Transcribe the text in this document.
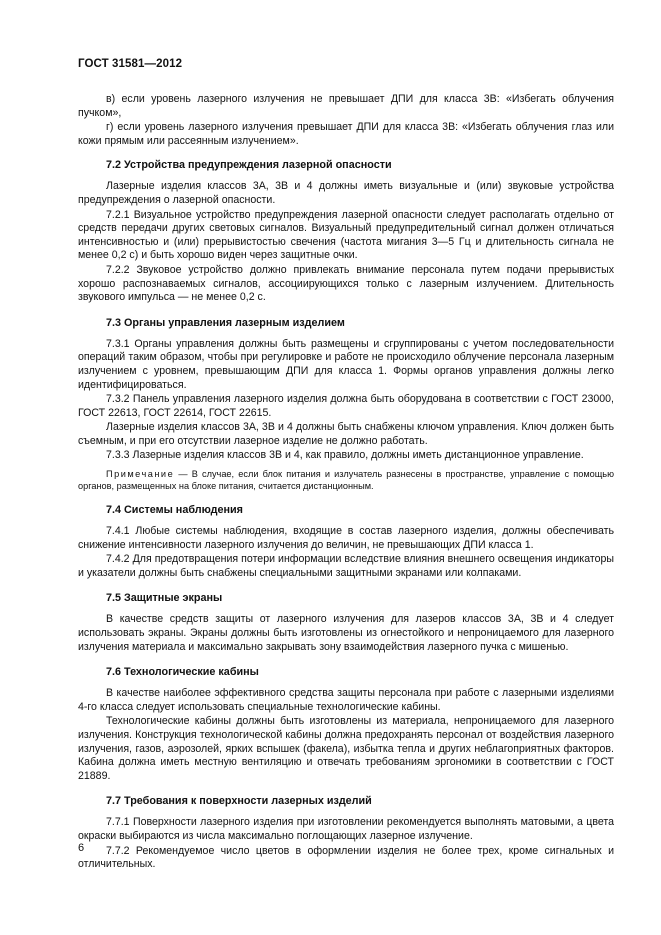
ГОСТ 31581—2012

в) если уровень лазерного излучения не превышает ДПИ для класса 3В: «Избегать облучения пучком»,

г) если уровень лазерного излучения превышает ДПИ для класса 3В: «Избегать облучения глаз или кожи прямым или рассеянным излучением».

7.2 Устройства предупреждения лазерной опасности

Лазерные изделия классов 3А, 3В и 4 должны иметь визуальные и (или) звуковые устройства предупреждения о лазерной опасности.

7.2.1 Визуальное устройство предупреждения лазерной опасности следует располагать отдельно от средств передачи других световых сигналов. Визуальный предупредительный сигнал должен отличаться интенсивностью и (или) прерывистостью свечения (частота мигания 3—5 Гц и длительность сигнала не менее 0,2 с) и быть хорошо виден через защитные очки.

7.2.2 Звуковое устройство должно привлекать внимание персонала путем подачи прерывистых хорошо распознаваемых сигналов, ассоциирующихся только с лазерным излучением. Длительность звукового импульса — не менее 0,2 с.

7.3 Органы управления лазерным изделием

7.3.1 Органы управления должны быть размещены и сгруппированы с учетом последовательности операций таким образом, чтобы при регулировке и работе не происходило облучение персонала лазерным излучением с уровнем, превышающим ДПИ для класса 1. Формы органов управления должны легко идентифицироваться.

7.3.2 Панель управления лазерного изделия должна быть оборудована в соответствии с ГОСТ 23000, ГОСТ 22613, ГОСТ 22614, ГОСТ 22615.

Лазерные изделия классов 3А, 3В и 4 должны быть снабжены ключом управления. Ключ должен быть съемным, и при его отсутствии лазерное изделие не должно работать.

7.3.3 Лазерные изделия классов 3В и 4, как правило, должны иметь дистанционное управление.

Примечание — В случае, если блок питания и излучатель разнесены в пространстве, управление с помощью органов, размещенных на блоке питания, считается дистанционным.

7.4 Системы наблюдения

7.4.1 Любые системы наблюдения, входящие в состав лазерного изделия, должны обеспечивать снижение интенсивности лазерного излучения до величин, не превышающих ДПИ класса 1.

7.4.2 Для предотвращения потери информации вследствие влияния внешнего освещения индикаторы и указатели должны быть снабжены специальными защитными экранами или колпаками.

7.5 Защитные экраны

В качестве средств защиты от лазерного излучения для лазеров классов 3А, 3В и 4 следует использовать экраны. Экраны должны быть изготовлены из огнестойкого и непроницаемого для лазерного излучения материала и максимально закрывать зону взаимодействия лазерного пучка с мишенью.

7.6 Технологические кабины

В качестве наиболее эффективного средства защиты персонала при работе с лазерными изделиями 4-го класса следует использовать специальные технологические кабины.

Технологические кабины должны быть изготовлены из материала, непроницаемого для лазерного излучения. Конструкция технологической кабины должна предохранять персонал от воздействия лазерного излучения, газов, аэрозолей, ярких вспышек (факела), избытка тепла и других неблагоприятных факторов. Кабина должна иметь местную вентиляцию и отвечать требованиям эргономики в соответствии с ГОСТ 21889.

7.7 Требования к поверхности лазерных изделий

7.7.1 Поверхности лазерного изделия при изготовлении рекомендуется выполнять матовыми, а цвета окраски выбираются из числа максимально поглощающих лазерное излучение.

7.7.2 Рекомендуемое число цветов в оформлении изделия не более трех, кроме сигнальных и отличительных.

6
